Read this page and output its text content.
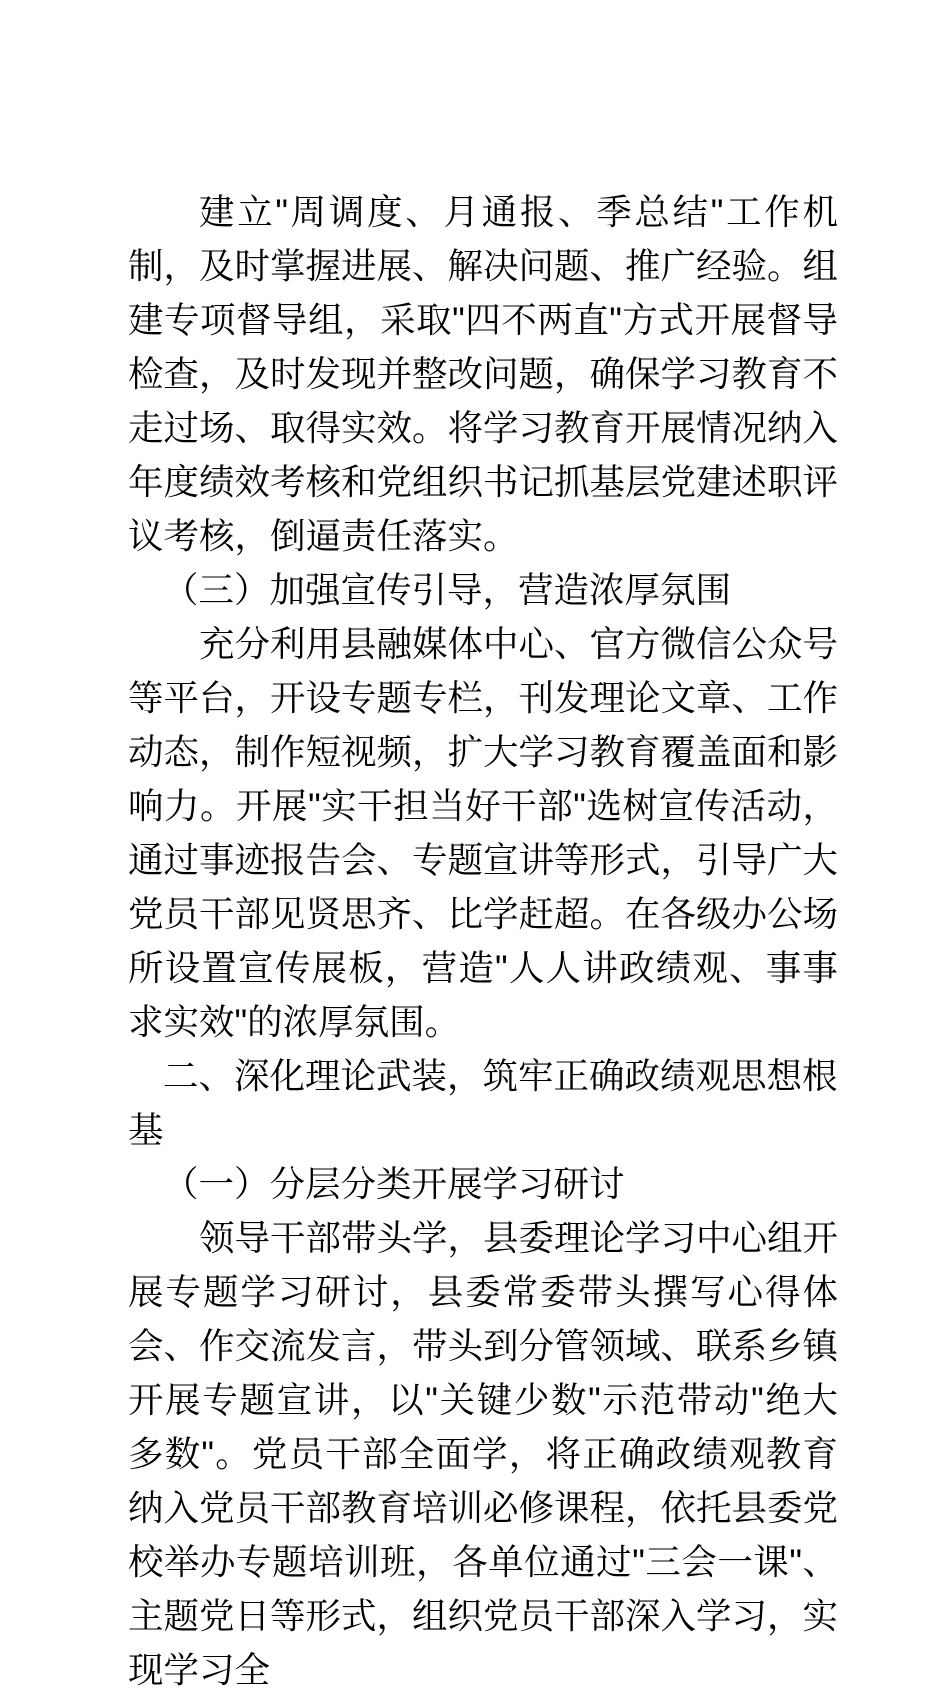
建立"周调度、月通报、季总结"工作机制，及时掌握进展、解决问题、推广经验。组建专项督导组，采取"四不两直"方式开展督导检查，及时发现并整改问题，确保学习教育不走过场、取得实效。将学习教育开展情况纳入年度绩效考核和党组织书记抓基层党建述职评议考核，倒逼责任落实。

（三）加强宣传引导，营造浓厚氛围

充分利用县融媒体中心、官方微信公众号等平台，开设专题专栏，刊发理论文章、工作动态，制作短视频，扩大学习教育覆盖面和影响力。开展"实干担当好干部"选树宣传活动，通过事迹报告会、专题宣讲等形式，引导广大党员干部见贤思齐、比学赶超。在各级办公场所设置宣传展板，营造"人人讲政绩观、事事求实效"的浓厚氛围。

二、深化理论武装，筑牢正确政绩观思想根基

（一）分层分类开展学习研讨

领导干部带头学，县委理论学习中心组开展专题学习研讨，县委常委带头撰写心得体会、作交流发言，带头到分管领域、联系乡镇开展专题宣讲，以"关键少数"示范带动"绝大多数"。党员干部全面学，将正确政绩观教育纳入党员干部教育培训必修课程，依托县委党校举办专题培训班，各单位通过"三会一课"、主题党日等形式，组织党员干部深入学习，实现学习全
